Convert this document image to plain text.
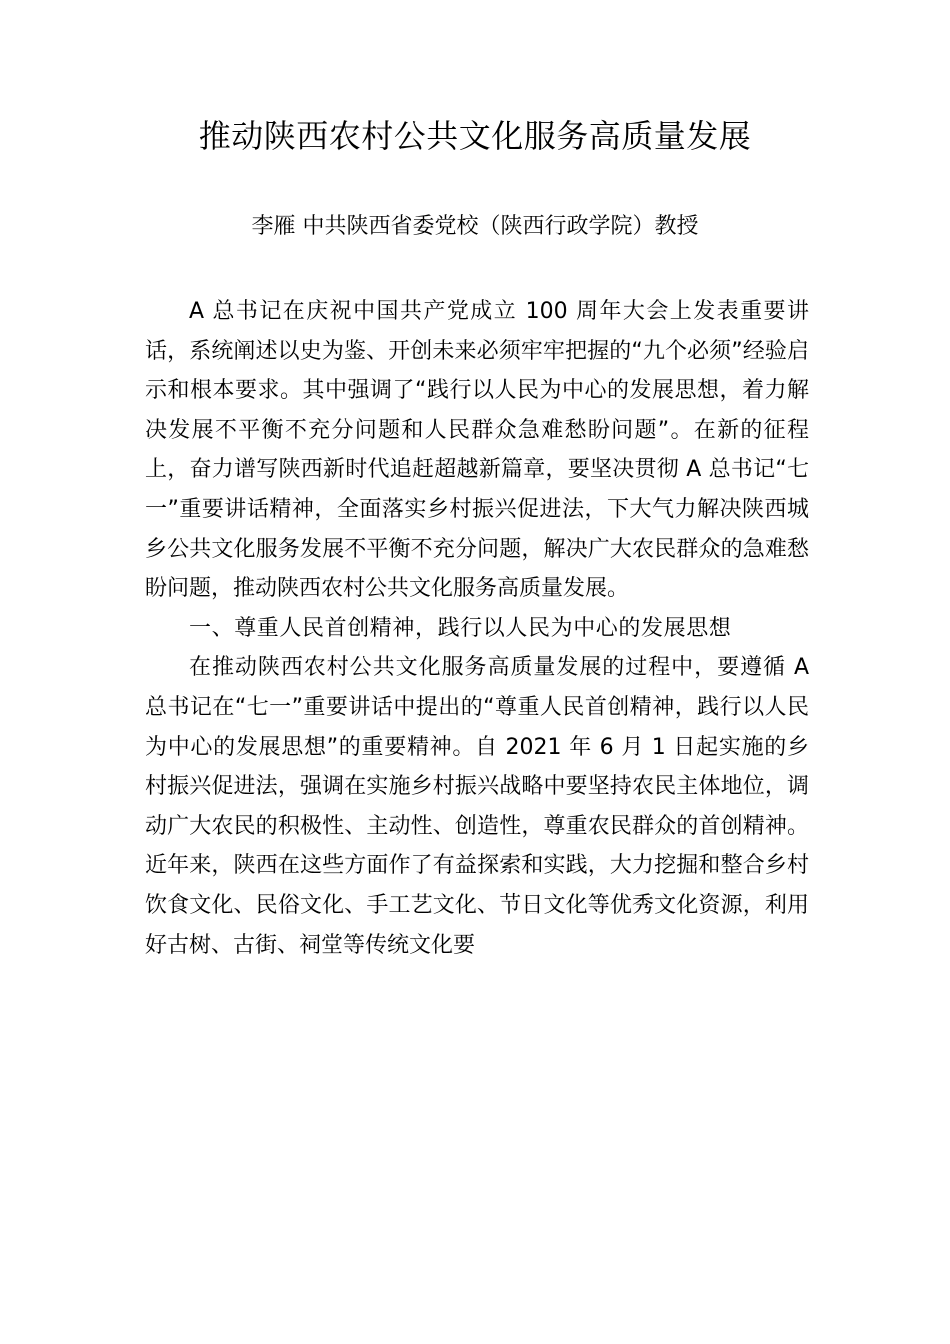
推动陕西农村公共文化服务高质量发展
李雁 中共陕西省委党校（陕西行政学院）教授

A 总书记在庆祝中国共产党成立 100 周年大会上发表重要讲话，系统阐述以史为鉴、开创未来必须牢牢把握的“九个必须”经验启示和根本要求。其中强调了“践行以人民为中心的发展思想，着力解决发展不平衡不充分问题和人民群众急难愁盼问题”。在新的征程上，奋力谱写陕西新时代追赶超越新篇章，要坚决贯彻 A 总书记“七一”重要讲话精神，全面落实乡村振兴促进法，下大气力解决陕西城乡公共文化服务发展不平衡不充分问题，解决广大农民群众的急难愁盼问题，推动陕西农村公共文化服务高质量发展。

一、尊重人民首创精神，践行以人民为中心的发展思想

在推动陕西农村公共文化服务高质量发展的过程中，要遵循 A 总书记在“七一”重要讲话中提出的“尊重人民首创精神，践行以人民为中心的发展思想”的重要精神。自 2021 年 6 月 1 日起实施的乡村振兴促进法，强调在实施乡村振兴战略中要坚持农民主体地位，调动广大农民的积极性、主动性、创造性，尊重农民群众的首创精神。近年来，陕西在这些方面作了有益探索和实践，大力挖掘和整合乡村饮食文化、民俗文化、手工艺文化、节日文化等优秀文化资源，利用好古树、古街、祠堂等传统文化要
